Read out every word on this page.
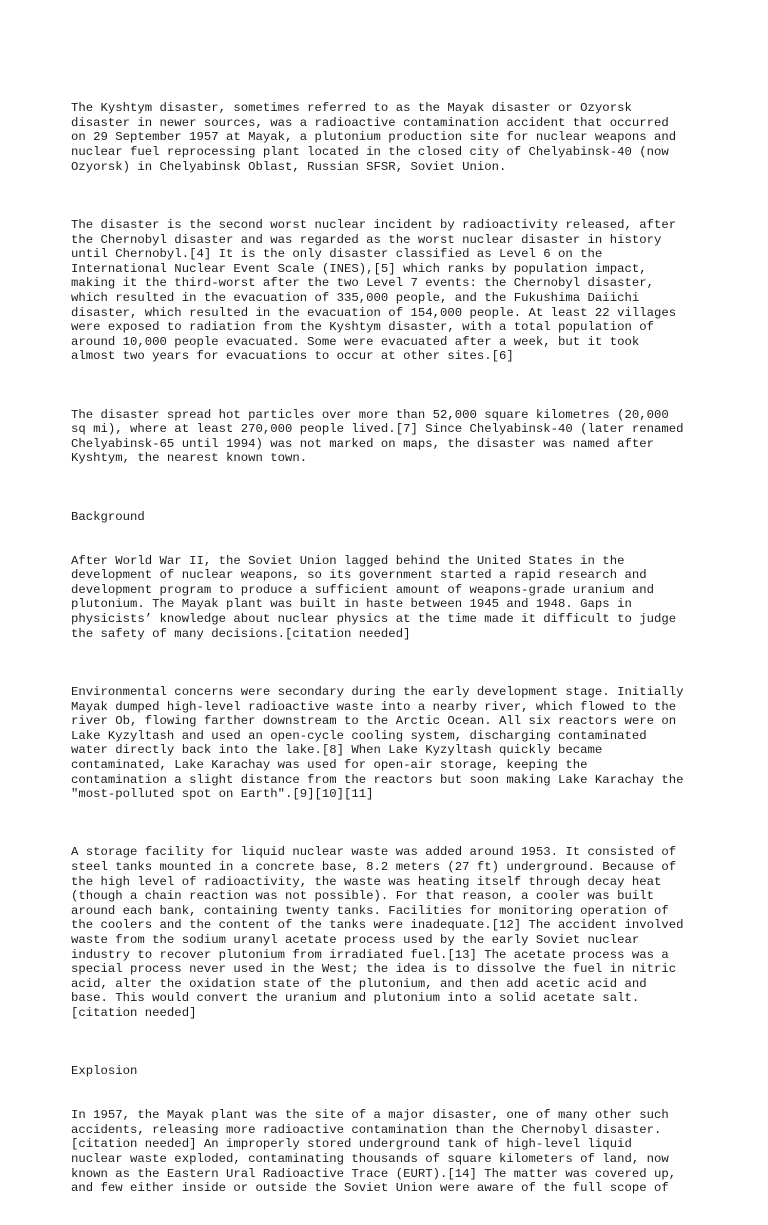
The Kyshtym disaster, sometimes referred to as the Mayak disaster or Ozyorsk
disaster in newer sources, was a radioactive contamination accident that occurred
on 29 September 1957 at Mayak, a plutonium production site for nuclear weapons and
nuclear fuel reprocessing plant located in the closed city of Chelyabinsk-40 (now
Ozyorsk) in Chelyabinsk Oblast, Russian SFSR, Soviet Union.

The disaster is the second worst nuclear incident by radioactivity released, after
the Chernobyl disaster and was regarded as the worst nuclear disaster in history
until Chernobyl.[4] It is the only disaster classified as Level 6 on the
International Nuclear Event Scale (INES),[5] which ranks by population impact,
making it the third-worst after the two Level 7 events: the Chernobyl disaster,
which resulted in the evacuation of 335,000 people, and the Fukushima Daiichi
disaster, which resulted in the evacuation of 154,000 people. At least 22 villages
were exposed to radiation from the Kyshtym disaster, with a total population of
around 10,000 people evacuated. Some were evacuated after a week, but it took
almost two years for evacuations to occur at other sites.[6]

The disaster spread hot particles over more than 52,000 square kilometres (20,000
sq mi), where at least 270,000 people lived.[7] Since Chelyabinsk-40 (later renamed
Chelyabinsk-65 until 1994) was not marked on maps, the disaster was named after
Kyshtym, the nearest known town.

Background

After World War II, the Soviet Union lagged behind the United States in the
development of nuclear weapons, so its government started a rapid research and
development program to produce a sufficient amount of weapons-grade uranium and
plutonium. The Mayak plant was built in haste between 1945 and 1948. Gaps in
physicists’ knowledge about nuclear physics at the time made it difficult to judge
the safety of many decisions.[citation needed]

Environmental concerns were secondary during the early development stage. Initially
Mayak dumped high-level radioactive waste into a nearby river, which flowed to the
river Ob, flowing farther downstream to the Arctic Ocean. All six reactors were on
Lake Kyzyltash and used an open-cycle cooling system, discharging contaminated
water directly back into the lake.[8] When Lake Kyzyltash quickly became
contaminated, Lake Karachay was used for open-air storage, keeping the
contamination a slight distance from the reactors but soon making Lake Karachay the
"most-polluted spot on Earth".[9][10][11]

A storage facility for liquid nuclear waste was added around 1953. It consisted of
steel tanks mounted in a concrete base, 8.2 meters (27 ft) underground. Because of
the high level of radioactivity, the waste was heating itself through decay heat
(though a chain reaction was not possible). For that reason, a cooler was built
around each bank, containing twenty tanks. Facilities for monitoring operation of
the coolers and the content of the tanks were inadequate.[12] The accident involved
waste from the sodium uranyl acetate process used by the early Soviet nuclear
industry to recover plutonium from irradiated fuel.[13] The acetate process was a
special process never used in the West; the idea is to dissolve the fuel in nitric
acid, alter the oxidation state of the plutonium, and then add acetic acid and
base. This would convert the uranium and plutonium into a solid acetate salt.
[citation needed]

Explosion

In 1957, the Mayak plant was the site of a major disaster, one of many other such
accidents, releasing more radioactive contamination than the Chernobyl disaster.
[citation needed] An improperly stored underground tank of high-level liquid
nuclear waste exploded, contaminating thousands of square kilometers of land, now
known as the Eastern Ural Radioactive Trace (EURT).[14] The matter was covered up,
and few either inside or outside the Soviet Union were aware of the full scope of
